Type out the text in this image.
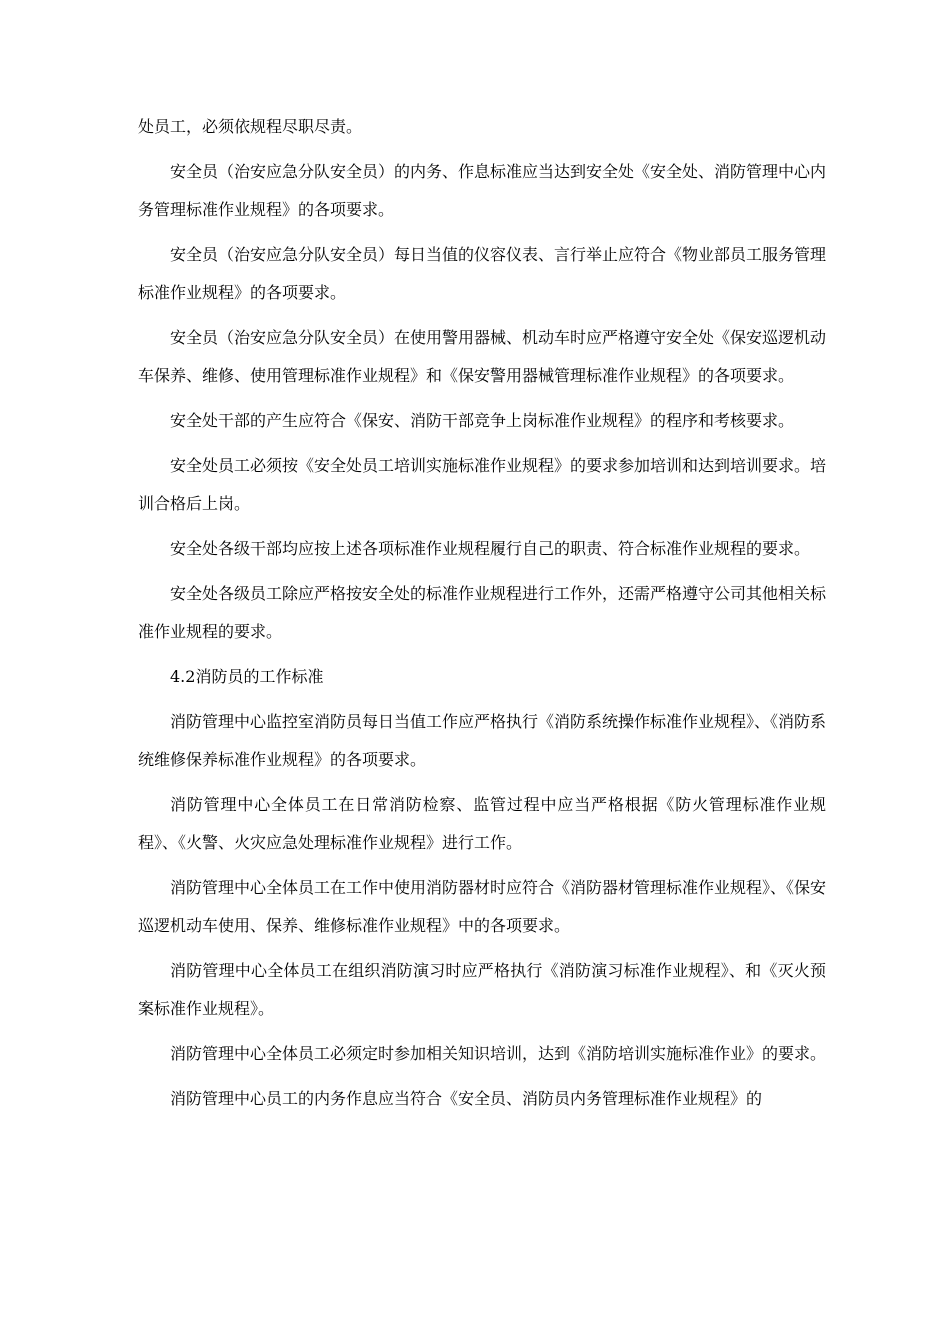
处员工，必须依规程尽职尽责。

安全员（治安应急分队安全员）的内务、作息标准应当达到安全处《安全处、消防管理中心内务管理标准作业规程》的各项要求。

安全员（治安应急分队安全员）每日当值的仪容仪表、言行举止应符合《物业部员工服务管理标准作业规程》的各项要求。

安全员（治安应急分队安全员）在使用警用器械、机动车时应严格遵守安全处《保安巡逻机动车保养、维修、使用管理标准作业规程》和《保安警用器械管理标准作业规程》的各项要求。

安全处干部的产生应符合《保安、消防干部竞争上岗标准作业规程》的程序和考核要求。

安全处员工必须按《安全处员工培训实施标准作业规程》的要求参加培训和达到培训要求。培训合格后上岗。

安全处各级干部均应按上述各项标准作业规程履行自己的职责、符合标准作业规程的要求。

安全处各级员工除应严格按安全处的标准作业规程进行工作外，还需严格遵守公司其他相关标准作业规程的要求。

4.2消防员的工作标准

消防管理中心监控室消防员每日当值工作应严格执行《消防系统操作标准作业规程》、《消防系统维修保养标准作业规程》的各项要求。

消防管理中心全体员工在日常消防检察、监管过程中应当严格根据《防火管理标准作业规程》、《火警、火灾应急处理标准作业规程》进行工作。

消防管理中心全体员工在工作中使用消防器材时应符合《消防器材管理标准作业规程》、《保安巡逻机动车使用、保养、维修标准作业规程》中的各项要求。

消防管理中心全体员工在组织消防演习时应严格执行《消防演习标准作业规程》、和《灭火预案标准作业规程》。

消防管理中心全体员工必须定时参加相关知识培训，达到《消防培训实施标准作业》的要求。

消防管理中心员工的内务作息应当符合《安全员、消防员内务管理标准作业规程》的
